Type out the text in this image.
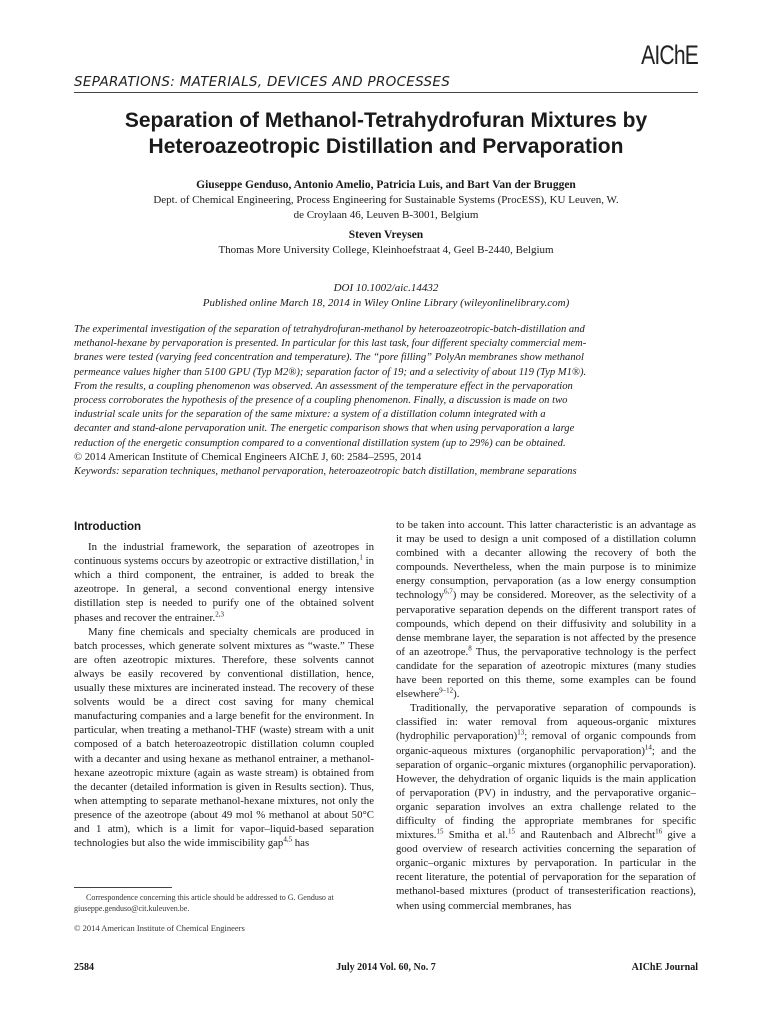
AIChE
SEPARATIONS: MATERIALS, DEVICES AND PROCESSES
Separation of Methanol-Tetrahydrofuran Mixtures by
Heteroazeotropic Distillation and Pervaporation
Giuseppe Genduso, Antonio Amelio, Patricia Luis, and Bart Van der Bruggen
Dept. of Chemical Engineering, Process Engineering for Sustainable Systems (ProcESS), KU Leuven, W. de Croylaan 46, Leuven B-3001, Belgium
Steven Vreysen
Thomas More University College, Kleinhoefstraat 4, Geel B-2440, Belgium
DOI 10.1002/aic.14432
Published online March 18, 2014 in Wiley Online Library (wileyonlinelibrary.com)
The experimental investigation of the separation of tetrahydrofuran-methanol by heteroazeotropic-batch-distillation and
methanol-hexane by pervaporation is presented. In particular for this last task, four different specialty commercial mem-
branes were tested (varying feed concentration and temperature). The “pore filling” PolyAn membranes show methanol
permeance values higher than 5100 GPU (Typ M2®); separation factor of 19; and a selectivity of about 119 (Typ M1®).
From the results, a coupling phenomenon was observed. An assessment of the temperature effect in the pervaporation
process corroborates the hypothesis of the presence of a coupling phenomenon. Finally, a discussion is made on two
industrial scale units for the separation of the same mixture: a system of a distillation column integrated with a
decanter and stand-alone pervaporation unit. The energetic comparison shows that when using pervaporation a large
reduction of the energetic consumption compared to a conventional distillation system (up to 29%) can be obtained.
© 2014 American Institute of Chemical Engineers AIChE J, 60: 2584–2595, 2014
Keywords: separation techniques, methanol pervaporation, heteroazeotropic batch distillation, membrane separations
Introduction

In the industrial framework, the separation of azeotropes in continuous systems occurs by azeotropic or extractive distillation,$^1$ in which a third component, the entrainer, is added to break the azeotrope. In general, a second conventional energy intensive distillation step is needed to purify one of the obtained solvent phases and recover the entrainer.$^{2,3}$

Many fine chemicals and specialty chemicals are produced in batch processes, which generate solvent mixtures as “waste.” These are often azeotropic mixtures. Therefore, these solvents cannot always be easily recovered by conventional distillation, hence, usually these mixtures are incinerated instead. The recovery of these solvents would be a direct cost saving for many chemical manufacturing companies and a large benefit for the environment. In particular, when treating a methanol-THF (waste) stream with a unit composed of a batch heteroazeotropic distillation column coupled with a decanter and using hexane as methanol entrainer, a methanol-hexane azeotropic mixture (again as waste stream) is obtained from the decanter (detailed information is given in Results section). Thus, when attempting to separate methanol-hexane mixtures, not only the presence of the azeotrope (about 49 mol % methanol at about 50°C and 1 atm), which is a limit for vapor–liquid-based separation technologies but also the wide immiscibility gap$^{4,5}$ has

Correspondence concerning this article should be addressed to G. Genduso at giuseppe.genduso@cit.kuleuven.be.
© 2014 American Institute of Chemical Engineers

to be taken into account. This latter characteristic is an advantage as it may be used to design a unit composed of a distillation column combined with a decanter allowing the recovery of both the compounds. Nevertheless, when the main purpose is to minimize energy consumption, pervaporation (as a low energy consumption technology$^{6,7}$) may be considered. Moreover, as the selectivity of a pervaporative separation depends on the different transport rates of compounds, which depend on their diffusivity and solubility in a dense membrane layer, the separation is not affected by the presence of an azeotrope.$^8$ Thus, the pervaporative technology is the perfect candidate for the separation of azeotropic mixtures (many studies have been reported on this theme, some examples can be found elsewhere$^{9-12}$).

Traditionally, the pervaporative separation of compounds is classified in: water removal from aqueous-organic mixtures (hydrophilic pervaporation)$^{13}$; removal of organic compounds from organic-aqueous mixtures (organophilic pervaporation)$^{14}$; and the separation of organic–organic mixtures (organophilic pervaporation). However, the dehydration of organic liquids is the main application of pervaporation (PV) in industry, and the pervaporative organic–organic separation involves an extra challenge related to the difficulty of finding the appropriate membranes for specific mixtures.$^{15}$ Smitha et al.$^{15}$ and Rautenbach and Albrecht$^{16}$ give a good overview of research activities concerning the separation of organic–organic mixtures by pervaporation. In particular in the recent literature, the potential of pervaporation for the separation of methanol-based mixtures (product of transesterification reactions), when using commercial membranes, has

2584	July 2014 Vol. 60, No. 7	AIChE Journal
